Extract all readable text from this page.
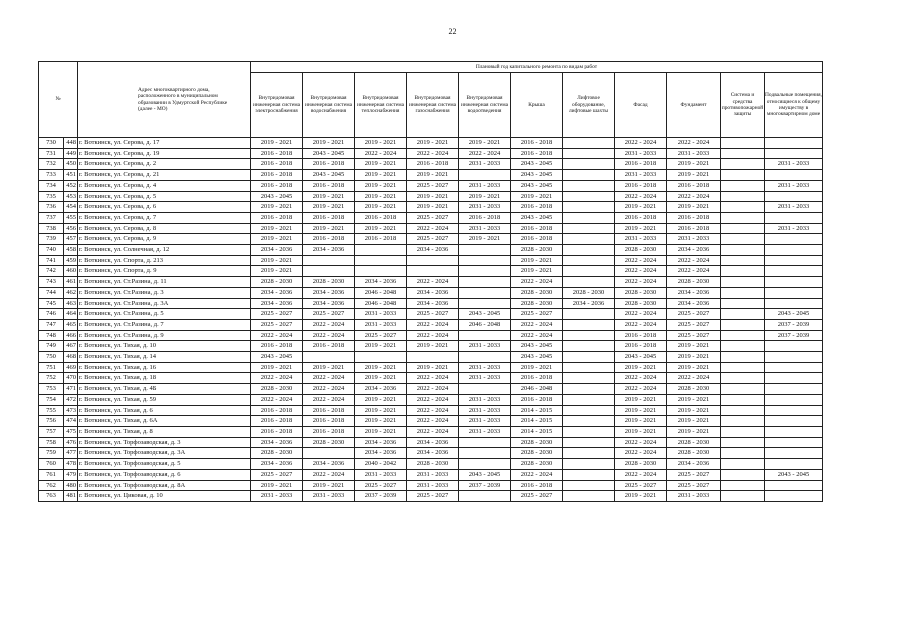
22
№		Адрес многоквартирного дома, расположенного в муниципальном образовании в Удмуртской Республике (далее - МО)	Плановый год капитального ремонта по видам работ										
			Внутридомовая инженерная система электроснабжения	Внутридомовая инженерная система водоснабжения	Внутридомовая инженерная система теплоснабжения	Внутридомовая инженерная система газоснабжения	Внутридомовая инженерная система водоотведения	Крыша	Лифтовое оборудование, лифтовые шахты	Фасад	Фундамент	Система и средства противопожарной защиты	Подвальные помещения, относящиеся к общему имуществу в многоквартирном доме
730	448	г. Воткинск, ул. Серова, д. 17	2019 - 2021	2019 - 2021	2019 - 2021	2019 - 2021	2019 - 2021	2016 - 2018		2022 - 2024	2022 - 2024		
731	449	г. Воткинск, ул. Серова, д. 19	2016 - 2018	2043 - 2045	2022 - 2024	2022 - 2024	2022 - 2024	2016 - 2018		2031 - 2033	2031 - 2033		
732	450	г. Воткинск, ул. Серова, д. 2	2016 - 2018	2016 - 2018	2019 - 2021	2016 - 2018	2031 - 2033	2043 - 2045		2016 - 2018	2019 - 2021		2031 - 2033
733	451	г. Воткинск, ул. Серова, д. 21	2016 - 2018	2043 - 2045	2019 - 2021	2019 - 2021		2043 - 2045		2031 - 2033	2019 - 2021		
734	452	г. Воткинск, ул. Серова, д. 4	2016 - 2018	2016 - 2018	2019 - 2021	2025 - 2027	2031 - 2033	2043 - 2045		2016 - 2018	2016 - 2018		2031 - 2033
735	453	г. Воткинск, ул. Серова, д. 5	2043 - 2045	2019 - 2021	2019 - 2021	2019 - 2021	2019 - 2021	2019 - 2021		2022 - 2024	2022 - 2024		
736	454	г. Воткинск, ул. Серова, д. 6	2019 - 2021	2019 - 2021	2019 - 2021	2019 - 2021	2031 - 2033	2016 - 2018		2019 - 2021	2019 - 2021		2031 - 2033
737	455	г. Воткинск, ул. Серова, д. 7	2016 - 2018	2016 - 2018	2016 - 2018	2025 - 2027	2016 - 2018	2043 - 2045		2016 - 2018	2016 - 2018		
738	456	г. Воткинск, ул. Серова, д. 8	2019 - 2021	2019 - 2021	2019 - 2021	2022 - 2024	2031 - 2033	2016 - 2018		2019 - 2021	2016 - 2018		2031 - 2033
739	457	г. Воткинск, ул. Серова, д. 9	2019 - 2021	2016 - 2018	2016 - 2018	2025 - 2027	2019 - 2021	2016 - 2018		2031 - 2033	2031 - 2033		
740	458	г. Воткинск, ул. Солнечная, д. 12	2034 - 2036	2034 - 2036		2034 - 2036		2028 - 2030		2028 - 2030	2034 - 2036		
741	459	г. Воткинск, ул. Спорта, д. 213	2019 - 2021					2019 - 2021		2022 - 2024	2022 - 2024		
742	460	г. Воткинск, ул. Спорта, д. 9	2019 - 2021					2019 - 2021		2022 - 2024	2022 - 2024		
743	461	г. Воткинск, ул. Ст.Разина, д. 11	2028 - 2030	2028 - 2030	2034 - 2036	2022 - 2024		2022 - 2024		2022 - 2024	2028 - 2030		
744	462	г. Воткинск, ул. Ст.Разина, д. 3	2034 - 2036	2034 - 2036	2046 - 2048	2034 - 2036		2028 - 2030	2028 - 2030	2028 - 2030	2034 - 2036		
745	463	г. Воткинск, ул. Ст.Разина, д. 3А	2034 - 2036	2034 - 2036	2046 - 2048	2034 - 2036		2028 - 2030	2034 - 2036	2028 - 2030	2034 - 2036		
746	464	г. Воткинск, ул. Ст.Разина, д. 5	2025 - 2027	2025 - 2027	2031 - 2033	2025 - 2027	2043 - 2045	2025 - 2027		2022 - 2024	2025 - 2027		2043 - 2045
747	465	г. Воткинск, ул. Ст.Разина, д. 7	2025 - 2027	2022 - 2024	2031 - 2033	2022 - 2024	2046 - 2048	2022 - 2024		2022 - 2024	2025 - 2027		2037 - 2039
748	466	г. Воткинск, ул. Ст.Разина, д. 9	2022 - 2024	2022 - 2024	2025 - 2027	2022 - 2024		2022 - 2024		2016 - 2018	2025 - 2027		2037 - 2039
749	467	г. Воткинск, ул. Тихая, д. 10	2016 - 2018	2016 - 2018	2019 - 2021	2019 - 2021	2031 - 2033	2043 - 2045		2016 - 2018	2019 - 2021		
750	468	г. Воткинск, ул. Тихая, д. 14	2043 - 2045					2043 - 2045		2043 - 2045	2019 - 2021		
751	469	г. Воткинск, ул. Тихая, д. 16	2019 - 2021	2019 - 2021	2019 - 2021	2019 - 2021	2031 - 2033	2019 - 2021		2019 - 2021	2019 - 2021		
752	470	г. Воткинск, ул. Тихая, д. 18	2022 - 2024	2022 - 2024	2019 - 2021	2022 - 2024	2031 - 2033	2016 - 2018		2022 - 2024	2022 - 2024		
753	471	г. Воткинск, ул. Тихая, д. 4Б	2028 - 2030	2022 - 2024	2034 - 2036	2022 - 2024		2046 - 2048		2022 - 2024	2028 - 2030		
754	472	г. Воткинск, ул. Тихая, д. 59	2022 - 2024	2022 - 2024	2019 - 2021	2022 - 2024	2031 - 2033	2016 - 2018		2019 - 2021	2019 - 2021		
755	473	г. Воткинск, ул. Тихая, д. 6	2016 - 2018	2016 - 2018	2019 - 2021	2022 - 2024	2031 - 2033	2014 - 2015		2019 - 2021	2019 - 2021		
756	474	г. Воткинск, ул. Тихая, д. 6А	2016 - 2018	2016 - 2018	2019 - 2021	2022 - 2024	2031 - 2033	2014 - 2015		2019 - 2021	2019 - 2021		
757	475	г. Воткинск, ул. Тихая, д. 8	2016 - 2018	2016 - 2018	2019 - 2021	2022 - 2024	2031 - 2033	2014 - 2015		2019 - 2021	2019 - 2021		
758	476	г. Воткинск, ул. Торфозаводская, д. 3	2034 - 2036	2028 - 2030	2034 - 2036	2034 - 2036		2028 - 2030		2022 - 2024	2028 - 2030		
759	477	г. Воткинск, ул. Торфозаводская, д. 3А	2028 - 2030		2034 - 2036	2034 - 2036		2028 - 2030		2022 - 2024	2028 - 2030		
760	478	г. Воткинск, ул. Торфозаводская, д. 5	2034 - 2036	2034 - 2036	2040 - 2042	2028 - 2030		2028 - 2030		2028 - 2030	2034 - 2036		
761	479	г. Воткинск, ул. Торфозаводская, д. 6	2025 - 2027	2022 - 2024	2031 - 2033	2031 - 2033	2043 - 2045	2022 - 2024		2022 - 2024	2025 - 2027		2043 - 2045
762	480	г. Воткинск, ул. Торфозаводская, д. 8А	2019 - 2021	2019 - 2021	2025 - 2027	2031 - 2033	2037 - 2039	2016 - 2018		2025 - 2027	2025 - 2027		
763	481	г. Воткинск, ул. Циковая, д. 10	2031 - 2033	2031 - 2033	2037 - 2039	2025 - 2027		2025 - 2027		2019 - 2021	2031 - 2033		
